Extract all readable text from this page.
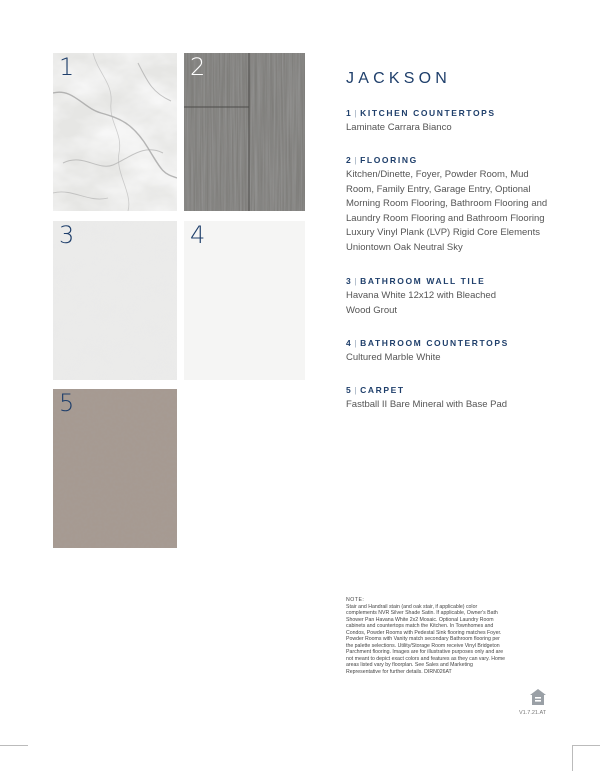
1	2
3	4
5
JACKSON
1 | KITCHEN COUNTERTOPS
Laminate Carrara Bianco
2 | FLOORING
Kitchen/Dinette, Foyer, Powder Room, Mud Room, Family Entry, Garage Entry, Optional Morning Room Flooring, Bathroom Flooring and Laundry Room Flooring and Bathroom Flooring Luxury Vinyl Plank (LVP) Rigid Core Elements Uniontown Oak Neutral Sky
3 | BATHROOM WALL TILE
Havana White 12x12 with Bleached Wood Grout
4 | BATHROOM COUNTERTOPS
Cultured Marble White
5 | CARPET
Fastball II Bare Mineral with Base Pad
NOTE:
Stair and Handrail stain (and oak stair, if applicable) color complements NVR Silver Shade Satin. If applicable, Owner's Bath Shower Pan Havana White 2x2 Mosaic. Optional Laundry Room cabinets and countertops match the Kitchen. In Townhomes and Condos, Powder Rooms with Pedestal Sink flooring matches Foyer. Powder Rooms with Vanity match secondary Bathroom flooring per the palette selections. Utility/Storage Room receive Vinyl Bridgeton Parchment flooring. Images are for illustrative purposes only and are not meant to depict exact colors and features as they can vary. Home areas listed vary by floorplan. See Sales and Marketing Representative for further details. DIRN026AT
V1.7.21.AT
